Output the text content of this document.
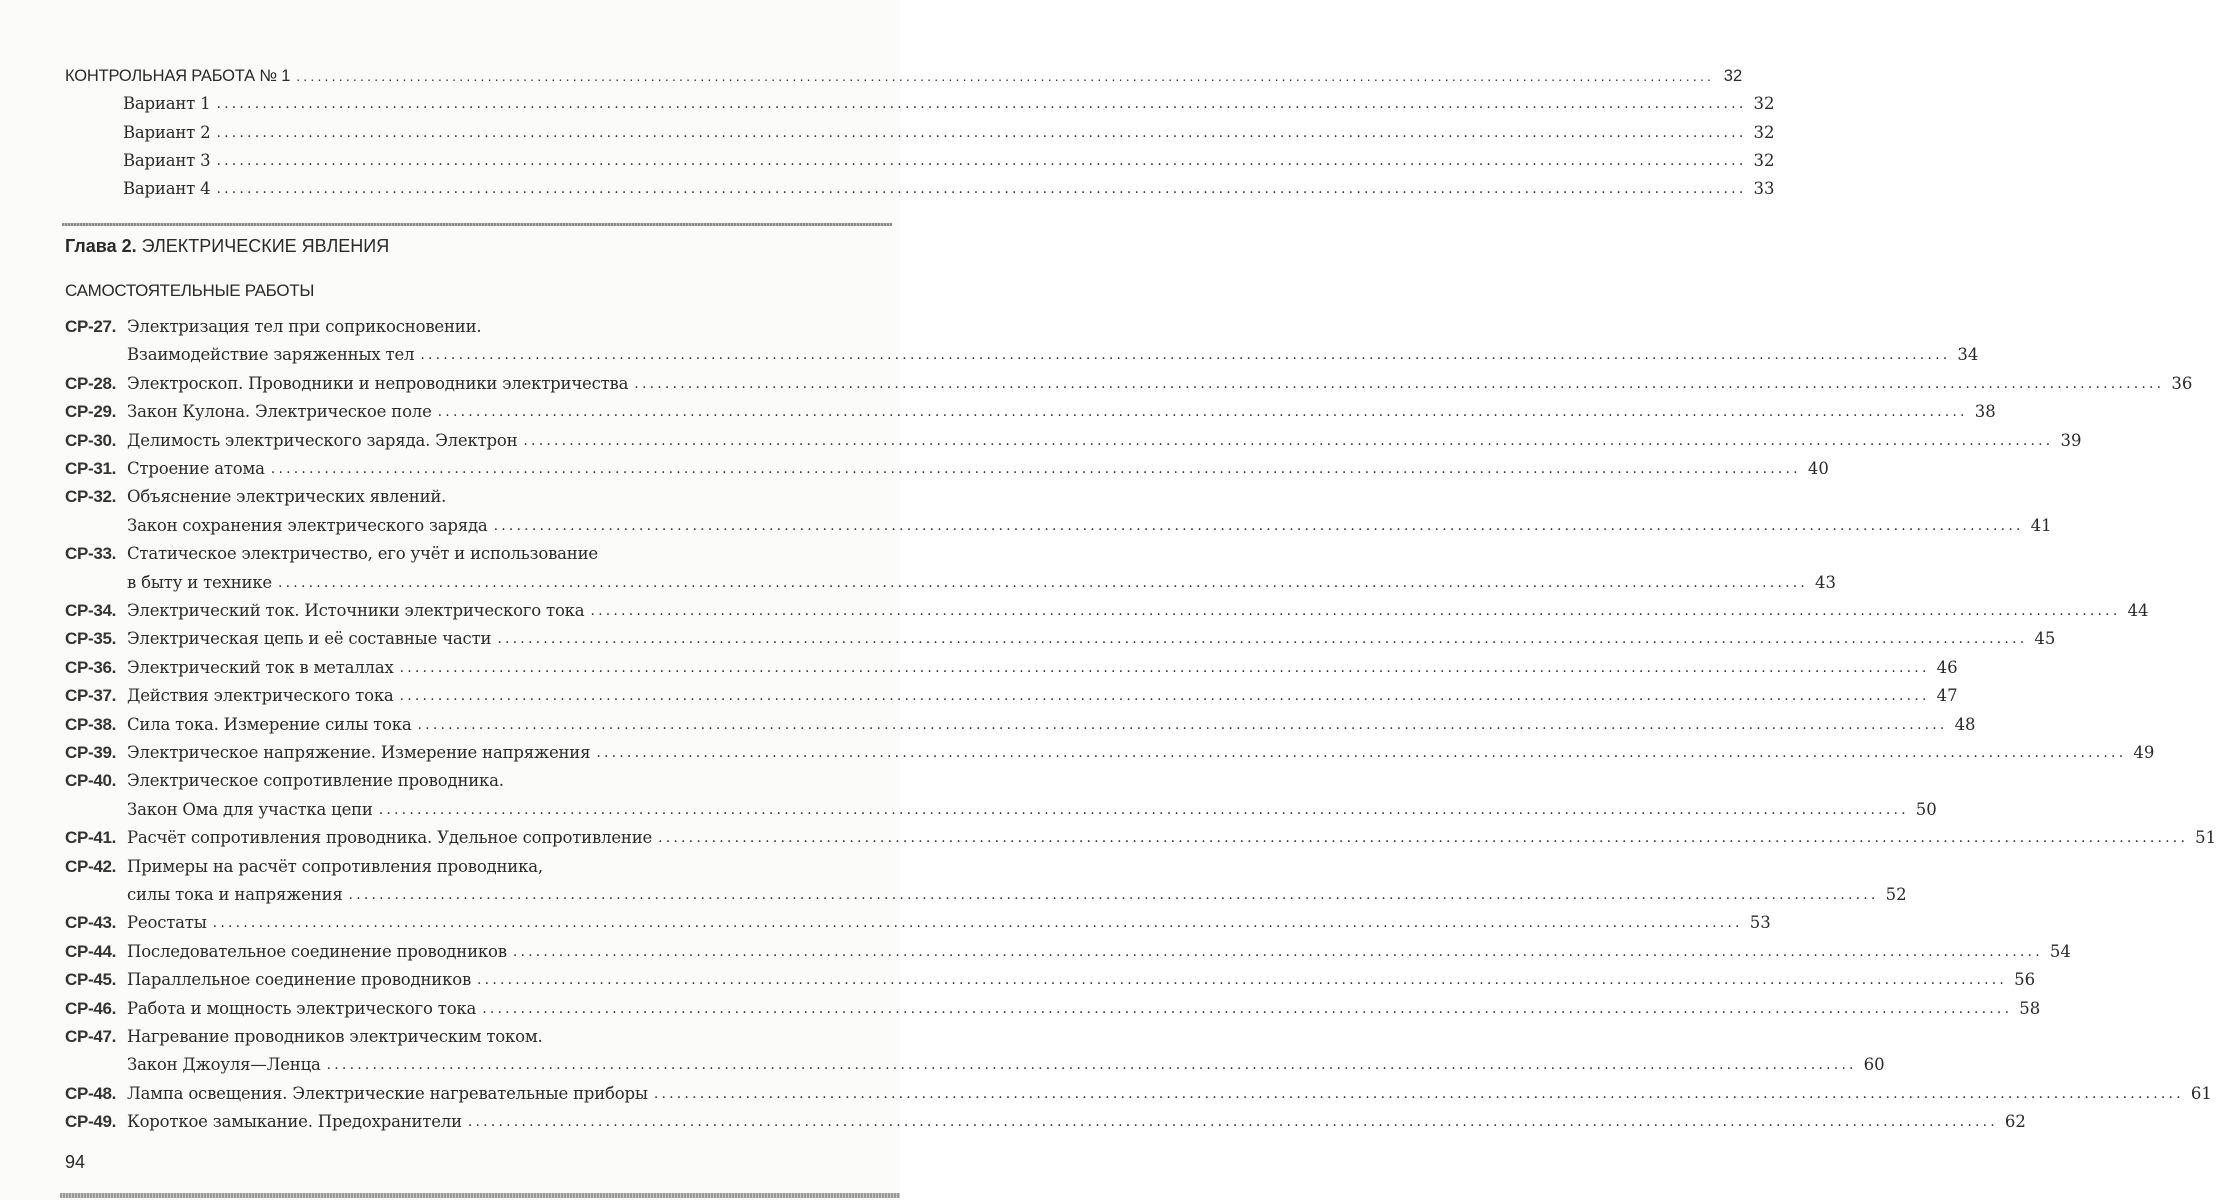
Глава 2. ЭЛЕКТРИЧЕСКИЕ ЯВЛЕНИЯ
САМОСТОЯТЕЛЬНЫЕ РАБОТЫ
94
КОНТРОЛЬНАЯ РАБОТА № 1 ........................................................................................................................................................................................................ 32
Вариант 1 ........................................................................................................................................................................................................ 32
Вариант 2 ........................................................................................................................................................................................................ 32
Вариант 3 ........................................................................................................................................................................................................ 32
Вариант 4 ........................................................................................................................................................................................................ 33
СР-27. Электризация тел при соприкосновении.
Взаимодействие заряженных тел ........................................................................................................................................................................................................ 34
СР-28. Электроскоп. Проводники и непроводники электричества ........................................................................................................................................................................................................ 36
СР-29. Закон Кулона. Электрическое поле ........................................................................................................................................................................................................ 38
СР-30. Делимость электрического заряда. Электрон ........................................................................................................................................................................................................ 39
СР-31. Строение атома ........................................................................................................................................................................................................ 40
СР-32. Объяснение электрических явлений.
Закон сохранения электрического заряда ........................................................................................................................................................................................................ 41
СР-33. Статическое электричество, его учёт и использование
в быту и технике ........................................................................................................................................................................................................ 43
СР-34. Электрический ток. Источники электрического тока ........................................................................................................................................................................................................ 44
СР-35. Электрическая цепь и её составные части ........................................................................................................................................................................................................ 45
СР-36. Электрический ток в металлах ........................................................................................................................................................................................................ 46
СР-37. Действия электрического тока ........................................................................................................................................................................................................ 47
СР-38. Сила тока. Измерение силы тока ........................................................................................................................................................................................................ 48
СР-39. Электрическое напряжение. Измерение напряжения ........................................................................................................................................................................................................ 49
СР-40. Электрическое сопротивление проводника.
Закон Ома для участка цепи ........................................................................................................................................................................................................ 50
СР-41. Расчёт сопротивления проводника. Удельное сопротивление ........................................................................................................................................................................................................ 51
СР-42. Примеры на расчёт сопротивления проводника,
силы тока и напряжения ........................................................................................................................................................................................................ 52
СР-43. Реостаты ........................................................................................................................................................................................................ 53
СР-44. Последовательное соединение проводников ........................................................................................................................................................................................................ 54
СР-45. Параллельное соединение проводников ........................................................................................................................................................................................................ 56
СР-46. Работа и мощность электрического тока ........................................................................................................................................................................................................ 58
СР-47. Нагревание проводников электрическим током.
Закон Джоуля—Ленца ........................................................................................................................................................................................................ 60
СР-48. Лампа освещения. Электрические нагревательные приборы ........................................................................................................................................................................................................ 61
СР-49. Короткое замыкание. Предохранители ........................................................................................................................................................................................................ 62
